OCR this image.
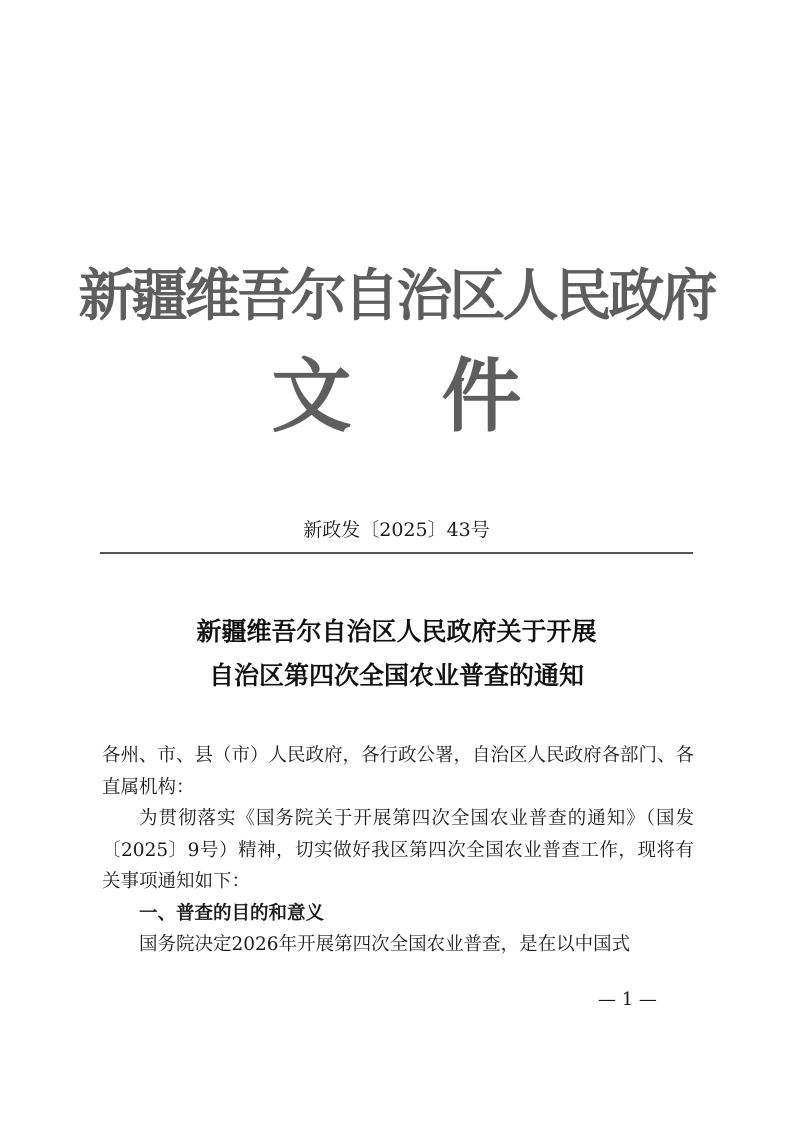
新疆维吾尔自治区人民政府
文 件
新政发〔2025〕43号
新疆维吾尔自治区人民政府关于开展
自治区第四次全国农业普查的通知

各州、市、县（市）人民政府，各行政公署，自治区人民政府各部门、各直属机构：

为贯彻落实《国务院关于开展第四次全国农业普查的通知》（国发〔2025〕9号）精神，切实做好我区第四次全国农业普查工作，现将有关事项通知如下：

一、普查的目的和意义

国务院决定2026年开展第四次全国农业普查，是在以中国式

— 1 —
